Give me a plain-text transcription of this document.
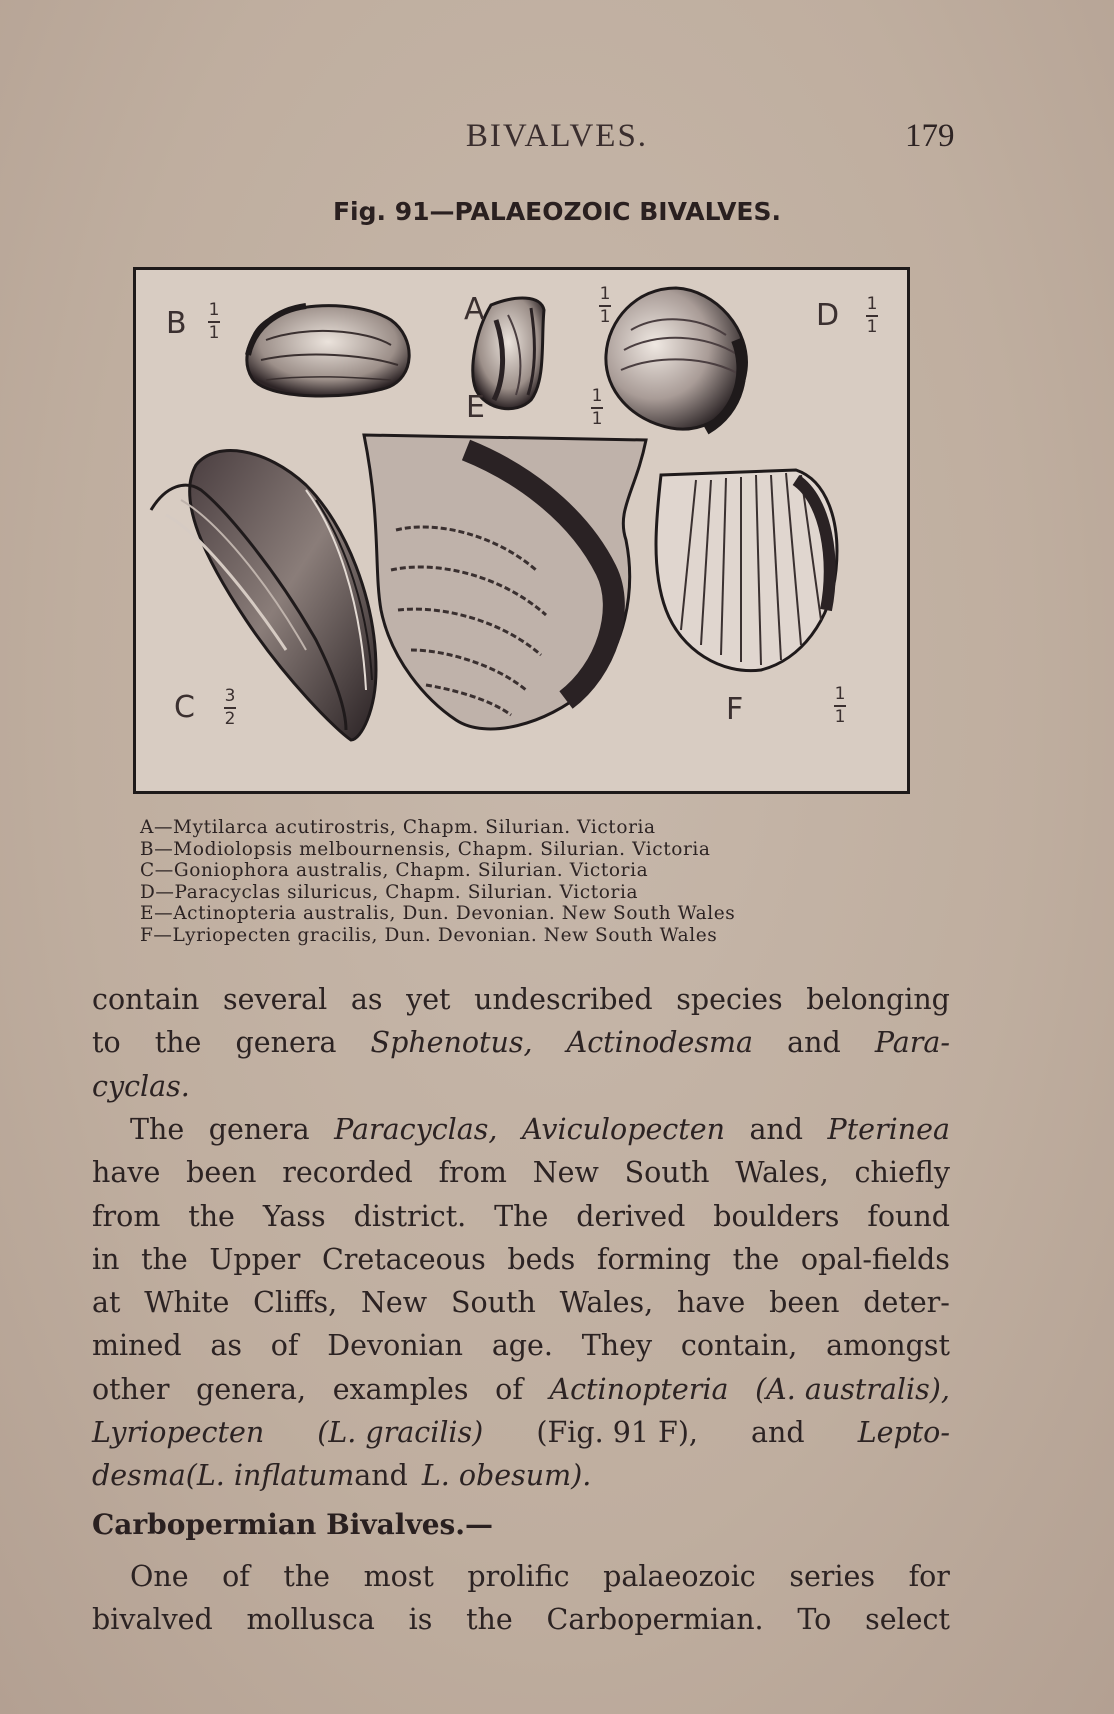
BIVALVES.	179
Fig. 91—PALAEOZOIC BIVALVES.
B 1
1
A	1
1	D 1
1
E	1
1
C 3
2	F	1
1
A—Mytilarca acutirostris, Chapm. Silurian. Victoria
B—Modiolopsis melbournensis, Chapm. Silurian. Victoria
C—Goniophora australis, Chapm. Silurian. Victoria
D—Paracyclas siluricus, Chapm. Silurian. Victoria
E—Actinopteria australis, Dun. Devonian. New South Wales
F—Lyriopecten gracilis, Dun. Devonian. New South Wales
contain several as yet undescribed species belonging
to the genera Sphenotus, Actinodesma and Para-
cyclas.
The genera Paracyclas, Aviculopecten and Pterinea
have been recorded from New South Wales, chiefly
from the Yass district. The derived boulders found
in the Upper Cretaceous beds forming the opal-fields
at White Cliffs, New South Wales, have been deter-
mined as of Devonian age. They contain, amongst
other genera, examples of Actinopteria (A. australis),
Lyriopecten (L. gracilis) (Fig. 91 F), and Lepto-
desma (L. inflatum and L. obesum).
Carbopermian Bivalves.—
One of the most prolific palaeozoic series for
bivalved mollusca is the Carbopermian. To select
